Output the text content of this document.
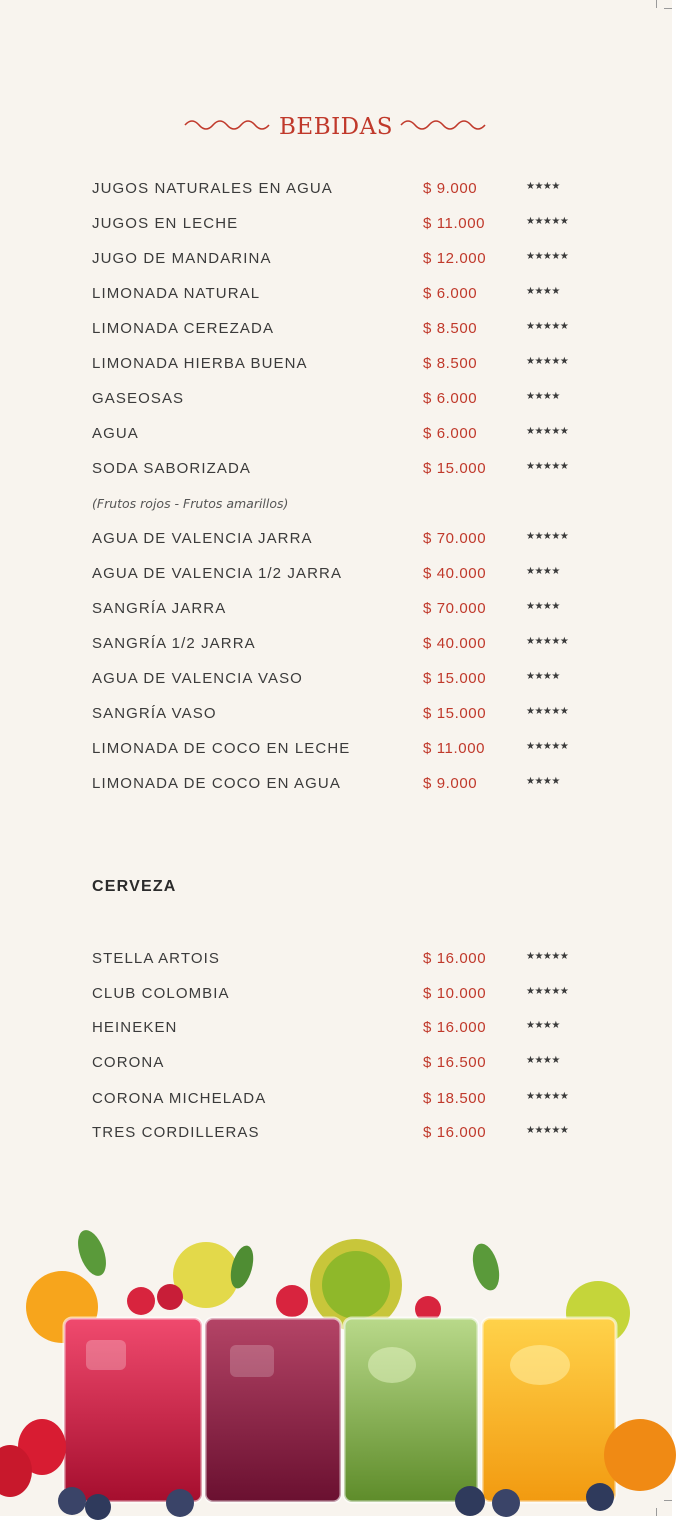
BEBIDAS
JUGOS NATURALES EN AGUA	$ 9.000	★★★★
JUGOS EN LECHE	$ 11.000	★★★★★
JUGO DE MANDARINA	$ 12.000	★★★★★
LIMONADA NATURAL	$ 6.000	★★★★
LIMONADA CEREZADA	$ 8.500	★★★★★
LIMONADA HIERBA BUENA	$ 8.500	★★★★★
GASEOSAS	$ 6.000	★★★★
AGUA	$ 6.000	★★★★★
SODA SABORIZADA	$ 15.000	★★★★★
(Frutos rojos - Frutos amarillos)
AGUA DE VALENCIA JARRA	$ 70.000	★★★★★
AGUA DE VALENCIA 1/2 JARRA	$ 40.000	★★★★
SANGRÍA JARRA	$ 70.000	★★★★
SANGRÍA 1/2 JARRA	$ 40.000	★★★★★
AGUA DE VALENCIA VASO	$ 15.000	★★★★
SANGRÍA VASO	$ 15.000	★★★★★
LIMONADA DE COCO EN LECHE	$ 11.000	★★★★★
LIMONADA DE COCO EN AGUA	$ 9.000	★★★★
CERVEZA
STELLA ARTOIS	$ 16.000	★★★★★
CLUB COLOMBIA	$ 10.000	★★★★★
HEINEKEN	$ 16.000	★★★★
CORONA	$ 16.500	★★★★
CORONA MICHELADA	$ 18.500	★★★★★
TRES CORDILLERAS	$ 16.000	★★★★★
